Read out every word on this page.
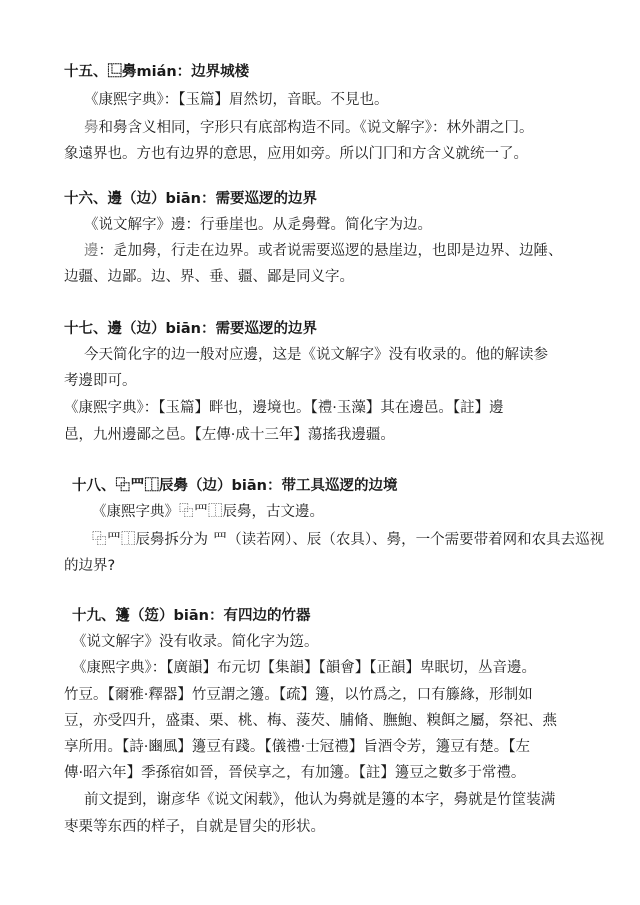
十五、⿺臱mián：边界城楼
《康熙字典》：【玉篇】眉然切，音眠。不見也。
臱和臱含义相同，字形只有底部构造不同。《说文解字》：林外謂之冂。
象遠界也。方也有边界的意思，应用如旁。所以门冂和方含义就统一了。
十六、邊（边）biān：需要巡逻的边界
《说文解字》邊：行垂崖也。从辵臱聲。简化字为边。
邊：辵加臱，行走在边界。或者说需要巡逻的悬崖边，也即是边界、边陲、
边疆、边鄙。边、界、垂、疆、鄙是同义字。
十七、邊（边）biān：需要巡逻的边界
今天简化字的边一般对应邊，这是《说文解字》没有收录的。他的解读参
考邊即可。
《康熙字典》：【玉篇】畔也，邊境也。【禮·玉藻】其在邊邑。【註】邊
邑，九州邊鄙之邑。【左傳·成十三年】蕩搖我邊疆。
十八、⿻罒⿰辰臱（边）biān：带工具巡逻的边境
《康熙字典》⿻罒⿰辰臱，古文邊。
⿻罒⿰辰臱拆分为 罒（读若网）、辰（农具）、臱，一个需要带着网和农具去巡视
的边界?
十九、籩（笾）biān：有四边的竹器
《说文解字》没有收录。简化字为笾。
《康熙字典》：【廣韻】布元切【集韻】【韻會】【正韻】卑眠切，丛音邊。
竹豆。【爾雅·釋器】竹豆謂之籩。【疏】籩，以竹爲之，口有籐緣，形制如
豆，亦受四升，盛棗、栗、桃、梅、蔆芡、脯脩、膴鮑、糗餌之屬，祭祀、燕
享所用。【詩·豳風】籩豆有踐。【儀禮·士冠禮】旨酒令芳，籩豆有楚。【左
傳·昭六年】季孫宿如晉，晉侯享之，有加籩。【註】籩豆之數多于常禮。
前文提到，谢彦华《说文闲载》，他认为臱就是籩的本字，臱就是竹筐装满
枣栗等东西的样子，自就是冒尖的形状。
